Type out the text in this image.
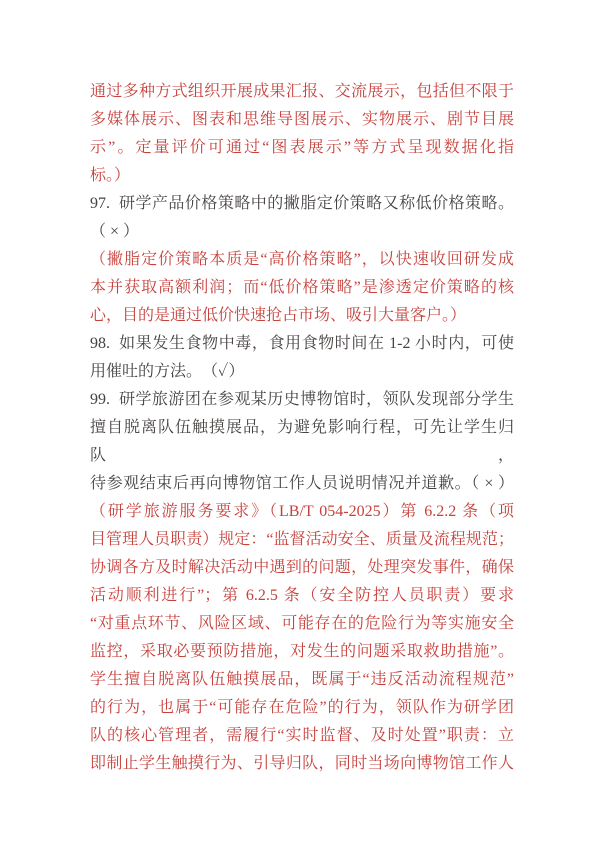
通过多种方式组织开展成果汇报、交流展示，包括但不限于
多媒体展示、图表和思维导图展示、实物展示、剧节目展
示”。定量评价可通过“图表展示”等方式呈现数据化指
标。）
97.  研学产品价格策略中的撇脂定价策略又称低价格策略。
（ × ）
（撇脂定价策略本质是“高价格策略”，以快速收回研发成
本并获取高额利润；而“低价格策略”是渗透定价策略的核
心，目的是通过低价快速抢占市场、吸引大量客户。）
98.  如果发生食物中毒，食用食物时间在 1-2 小时内，可使
用催吐的方法。　（✓）
99.  研学旅游团在参观某历史博物馆时，领队发现部分学生
擅自脱离队伍触摸展品，为避免影响行程，可先让学生归队，
待参观结束后再向博物馆工作人员说明情况并道歉。（ × ）
（研学旅游服务要求》（LB/T 054-2025）第 6.2.2 条（项
目管理人员职责）规定：“监督活动安全、质量及流程规范；
协调各方及时解决活动中遇到的问题，处理突发事件，确保
活动顺利进行”；第 6.2.5 条（安全防控人员职责）要求
“对重点环节、风险区域、可能存在的危险行为等实施安全
监控，采取必要预防措施，对发生的问题采取救助措施”。
学生擅自脱离队伍触摸展品，既属于“违反活动流程规范”
的行为，也属于“可能存在危险”的行为，领队作为研学团
队的核心管理者，需履行“实时监督、及时处置”职责：立
即制止学生触摸行为、引导归队，同时当场向博物馆工作人
